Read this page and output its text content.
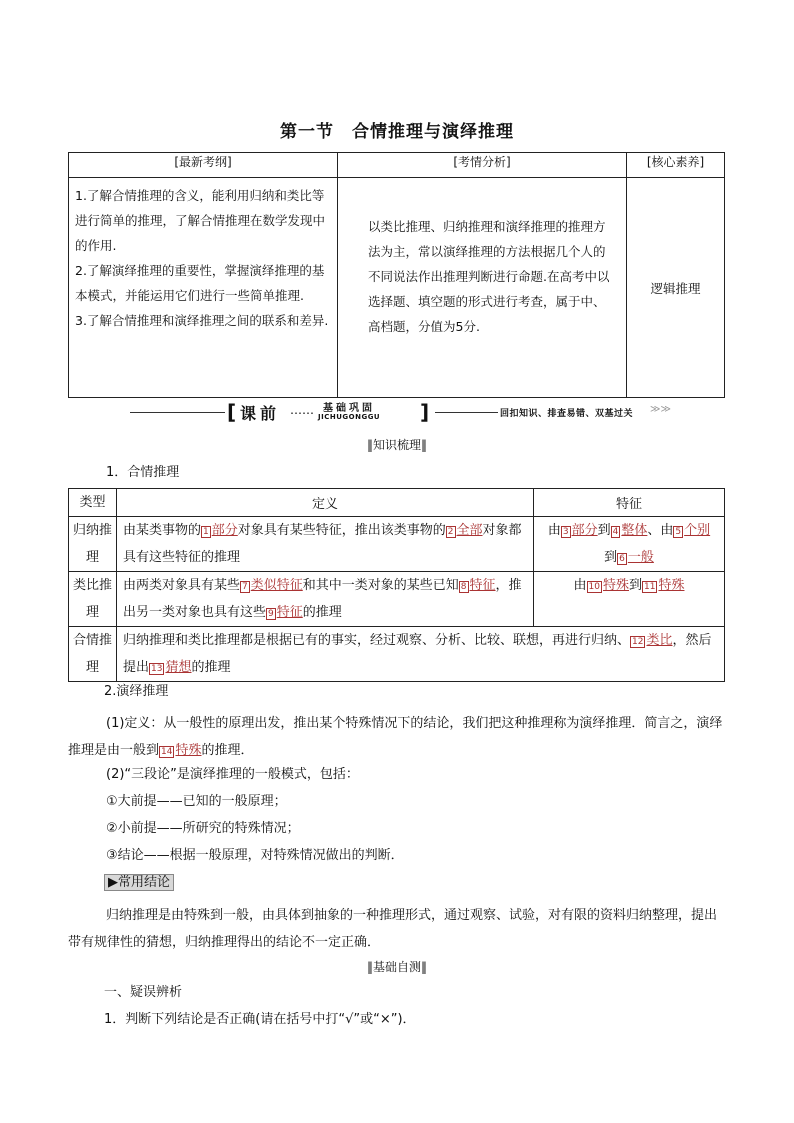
第一节　合情推理与演绎推理
[最新考纲]	[考情分析]	[核心素养]

1.了解合情推理的含义，能利用归纳和类比等进行简单的推理，了解合情推理在数学发现中的作用.
2.了解演绎推理的重要性，掌握演绎推理的基本模式，并能运用它们进行一些简单推理.
3.了解合情推理和演绎推理之间的联系和差异.	以类比推理、归纳推理和演绎推理的推理方法为主，常以演绎推理的方法根据几个人的不同说法作出推理判断进行命题.在高考中以选择题、填空题的形式进行考查，属于中、高档题，分值为5分.	逻辑推理
[ 课前 …… 基础巩固
JICHUGONGGU ]	回扣知识、排查易错、双基过关 ≫≫
‖知识梳理‖
1．合情推理
类型	定义	特征
归纳推理	由某类事物的 1 部分对象具有某些特征，推出该类事物的 2 全部对象都具有这些特征的推理	由 3 部分到 4 整体、由 5 个别
到 6 一般
类比推理	由两类对象具有某些 7 类似特征和其中一类对象的某些已知 8 特征，推出另一类对象也具有这些 9 特征的推理	由 10 特殊到 11 特殊
合情推理	归纳推理和类比推理都是根据已有的事实，经过观察、分析、比较、联想，再进行归纳、 12 类比，然后提出 13 猜想的推理	
2.演绎推理
(1)定义：从一般性的原理出发，推出某个特殊情况下的结论，我们把这种推理称为演绎推理．简言之，演绎推理是由一般到 14 特殊的推理．
(2)“三段论”是演绎推理的一般模式，包括：
①大前提——已知的一般原理；
②小前提——所研究的特殊情况；
③结论——根据一般原理，对特殊情况做出的判断．
▶常用结论
归纳推理是由特殊到一般，由具体到抽象的一种推理形式，通过观察、试验，对有限的资料归纳整理，提出带有规律性的猜想，归纳推理得出的结论不一定正确．
‖基础自测‖
一、疑误辨析
1．判断下列结论是否正确(请在括号中打“√”或“×”)．
